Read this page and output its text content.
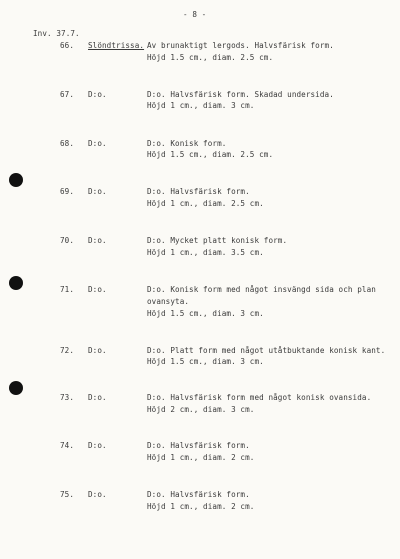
- 8 -
Inv. 37.7.
66. Slöndtrissa. Av brunaktigt lergods. Halvsfärisk form.
Höjd 1.5 cm., diam. 2.5 cm.
67. D:o.	D:o. Halvsfärisk form. Skadad undersida.
Höjd 1 cm., diam. 3 cm.
68. D:o.	D:o. Konisk form.
Höjd 1.5 cm., diam. 2.5 cm.
69. D:o.	D:o. Halvsfärisk form.
Höjd 1 cm., diam. 2.5 cm.
70. D:o.	D:o. Mycket platt konisk form.
Höjd 1 cm., diam. 3.5 cm.
71. D:o.	D:o. Konisk form med något insvängd sida och plan
ovansyta.
Höjd 1.5 cm., diam. 3 cm.
72. D:o.	D:o. Platt form med något utåtbuktande konisk kant.
Höjd 1.5 cm., diam. 3 cm.
73. D:o.	D:o. Halvsfärisk form med något konisk ovansida.
Höjd 2 cm., diam. 3 cm.
74. D:o.	D:o. Halvsfärisk form.
Höjd 1 cm., diam. 2 cm.
75. D:o.	D:o. Halvsfärisk form.
Höjd 1 cm., diam. 2 cm.
